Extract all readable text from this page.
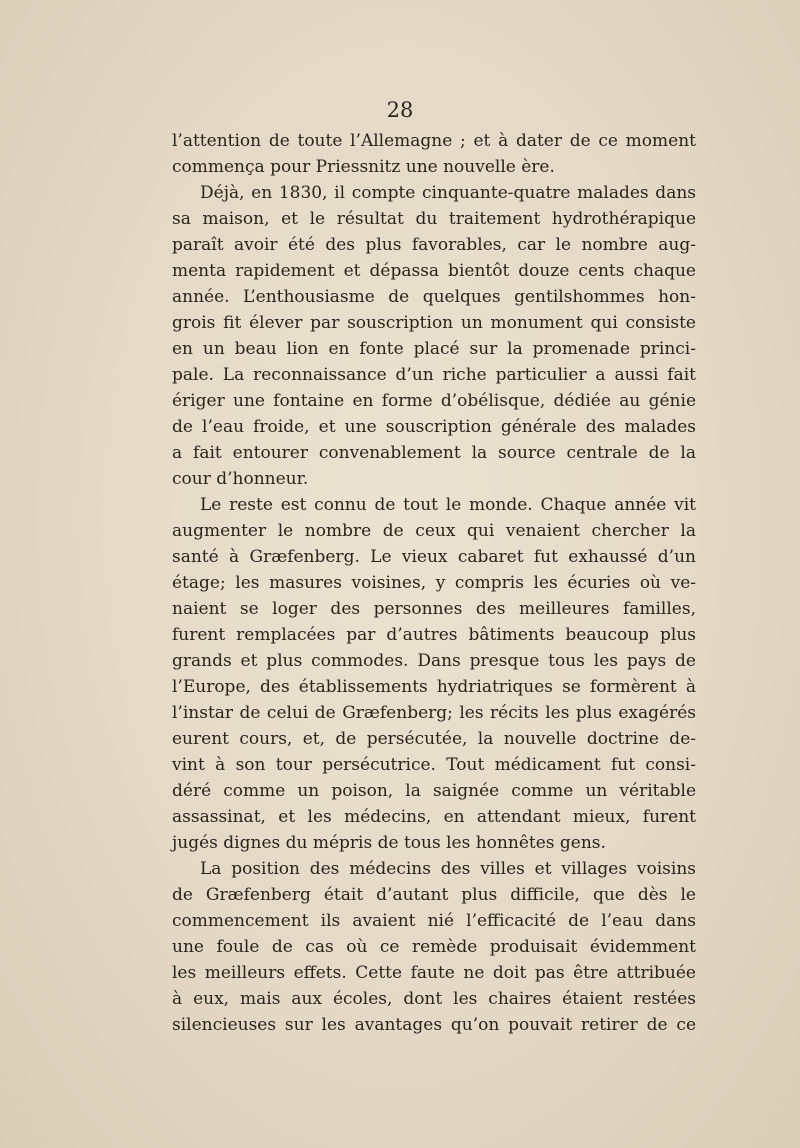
28
l’attention de toute l’Allemagne ; et à dater de ce moment
commença pour Priessnitz une nouvelle ère.
Déjà, en 1830, il compte cinquante-quatre malades dans
sa maison, et le résultat du traitement hydrothérapique
paraît avoir été des plus favorables, car le nombre aug-
menta rapidement et dépassa bientôt douze cents chaque
année. L’enthousiasme de quelques gentilshommes hon-
grois fit élever par souscription un monument qui consiste
en un beau lion en fonte placé sur la promenade princi-
pale. La reconnaissance d’un riche particulier a aussi fait
ériger une fontaine en forme d’obélisque, dédiée au génie
de l’eau froide, et une souscription générale des malades
a fait entourer convenablement la source centrale de la
cour d’honneur.
Le reste est connu de tout le monde. Chaque année vit
augmenter le nombre de ceux qui venaient chercher la
santé à Græfenberg. Le vieux cabaret fut exhaussé d’un
étage; les masures voisines, y compris les écuries où ve-
naient se loger des personnes des meilleures familles,
furent remplacées par d’autres bâtiments beaucoup plus
grands et plus commodes. Dans presque tous les pays de
l’Europe, des établissements hydriatriques se formèrent à
l’instar de celui de Græfenberg; les récits les plus exagérés
eurent cours, et, de persécutée, la nouvelle doctrine de-
vint à son tour persécutrice. Tout médicament fut consi-
déré comme un poison, la saignée comme un véritable
assassinat, et les médecins, en attendant mieux, furent
jugés dignes du mépris de tous les honnêtes gens.
La position des médecins des villes et villages voisins
de Græfenberg était d’autant plus difficile, que dès le
commencement ils avaient nié l’efficacité de l’eau dans
une foule de cas où ce remède produisait évidemment
les meilleurs effets. Cette faute ne doit pas être attribuée
à eux, mais aux écoles, dont les chaires étaient restées
silencieuses sur les avantages qu’on pouvait retirer de ce
